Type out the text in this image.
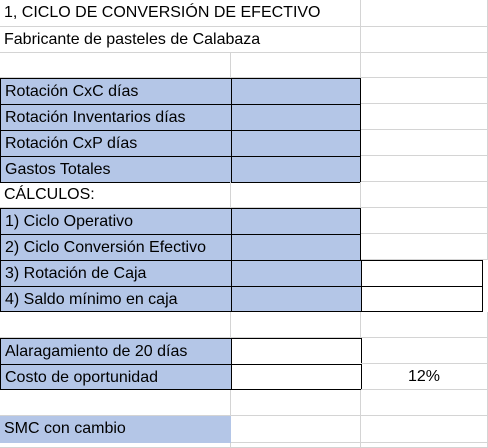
1, CICLO DE CONVERSIÓN DE EFECTIVO
Fabricante de pasteles de Calabaza
Rotación CxC días
Rotación Inventarios días
Rotación CxP días
Gastos Totales
CÁLCULOS:
1) Ciclo Operativo
2) Ciclo Conversión Efectivo
3) Rotación de Caja
4) Saldo mínimo en caja
Alaragamiento de 20 días
Costo de oportunidad	12%
SMC con cambio
